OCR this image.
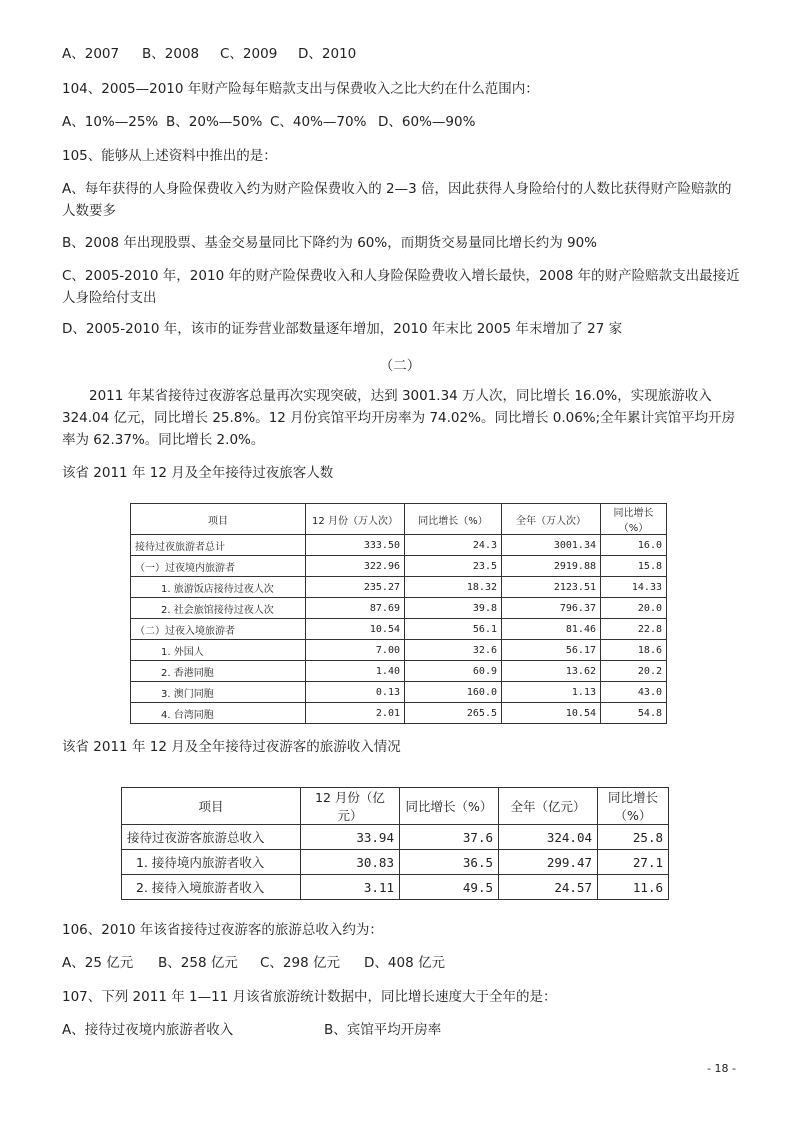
A、2007 B、2008 C、2009 D、2010
104、2005—2010 年财产险每年赔款支出与保费收入之比大约在什么范围内：
A、10%—25% B、20%—50% C、40%—70% D、60%—90%
105、能够从上述资料中推出的是：
A、每年获得的人身险保费收入约为财产险保费收入的 2—3 倍，因此获得人身险给付的人数比获得财产险赔款的人数要多
B、2008 年出现股票、基金交易量同比下降约为 60%，而期货交易量同比增长约为 90%
C、2005-2010 年，2010 年的财产险保费收入和人身险保险费收入增长最快，2008 年的财产险赔款支出最接近人身险给付支出
D、2005-2010 年，该市的证券营业部数量逐年增加，2010 年末比 2005 年末增加了 27 家
（二）
2011 年某省接待过夜游客总量再次实现突破，达到 3001.34 万人次，同比增长 16.0%，实现旅游收入 324.04 亿元，同比增长 25.8%。12 月份宾馆平均开房率为 74.02%。同比增长 0.06%;全年累计宾馆平均开房率为 62.37%。同比增长 2.0%。
该省 2011 年 12 月及全年接待过夜旅客人数
项目	12 月份（万人次）	同比增长（%）	全年（万人次）	同比增长（%）
接待过夜旅游者总计	333.50	24.3	3001.34	16.0
（一）过夜境内旅游者	322.96	23.5	2919.88	15.8
1. 旅游饭店接待过夜人次	235.27	18.32	2123.51	14.33
2. 社会旅馆接待过夜人次	87.69	39.8	796.37	20.0
（二）过夜入境旅游者	10.54	56.1	81.46	22.8
1. 外国人	7.00	32.6	56.17	18.6
2. 香港同胞	1.40	60.9	13.62	20.2
3. 澳门同胞	0.13	160.0	1.13	43.0
4. 台湾同胞	2.01	265.5	10.54	54.8
该省 2011 年 12 月及全年接待过夜游客的旅游收入情况
项目	12 月份（亿元）	同比增长（%）	全年（亿元）	同比增长（%）
接待过夜游客旅游总收入	33.94	37.6	324.04	25.8
1. 接待境内旅游者收入	30.83	36.5	299.47	27.1
2. 接待入境旅游者收入	3.11	49.5	24.57	11.6
106、2010 年该省接待过夜游客的旅游总收入约为：
A、25 亿元 B、258 亿元 C、298 亿元 D、408 亿元
107、下列 2011 年 1—11 月该省旅游统计数据中，同比增长速度大于全年的是：
A、接待过夜境内旅游者收入	B、宾馆平均开房率
- 18 -
